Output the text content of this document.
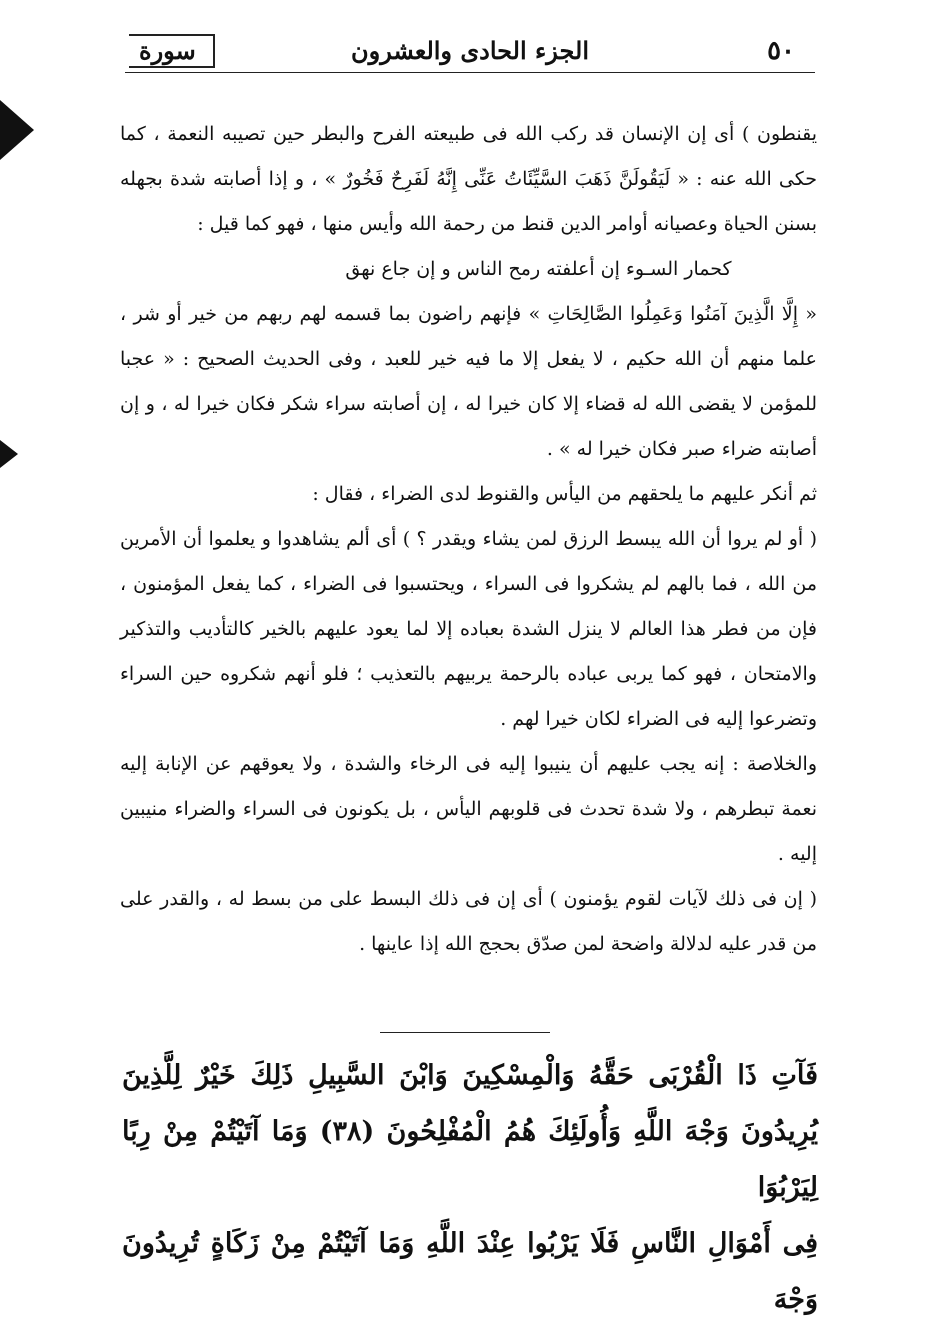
٥٠
الجزء الحادى والعشرون
سورة

يقنطون ) أى إن الإنسان قد ركب الله فى طبيعته الفرح والبطر حين تصيبه النعمة ، كما حكى الله عنه : « لَيَقُولَنَّ ذَهَبَ السَّيِّئَاتُ عَنِّى إِنَّهُ لَفَرِحٌ فَخُورٌ » ، و إذا أصابته شدة بجهله بسنن الحياة وعصيانه أوامر الدين قنط من رحمة الله وأيس منها ، فهو كما قيل :

كحمار السـوء إن أعلفته رمح الناس و إن جاع نهق

« إِلَّا الَّذِينَ آمَنُوا وَعَمِلُوا الصَّالِحَاتِ » فإنهم راضون بما قسمه لهم ربهم من خير أو شر ، علما منهم أن الله حكيم ، لا يفعل إلا ما فيه خير للعبد ، وفى الحديث الصحيح : « عجبا للمؤمن لا يقضى الله له قضاء إلا كان خيرا له ، إن أصابته سراء شكر فكان خيرا له ، و إن أصابته ضراء صبر فكان خيرا له » .

ثم أنكر عليهم ما يلحقهم من اليأس والقنوط لدى الضراء ، فقال :

( أو لم يروا أن الله يبسط الرزق لمن يشاء ويقدر ؟ ) أى ألم يشاهدوا و يعلموا أن الأمرين من الله ، فما بالهم لم يشكروا فى السراء ، ويحتسبوا فى الضراء ، كما يفعل المؤمنون ، فإن من فطر هذا العالم لا ينزل الشدة بعباده إلا لما يعود عليهم بالخير كالتأديب والتذكير والامتحان ، فهو كما يربى عباده بالرحمة يربيهم بالتعذيب ؛ فلو أنهم شكروه حين السراء وتضرعوا إليه فى الضراء لكان خيرا لهم .

والخلاصة : إنه يجب عليهم أن ينيبوا إليه فى الرخاء والشدة ، ولا يعوقهم عن الإنابة إليه نعمة تبطرهم ، ولا شدة تحدث فى قلوبهم اليأس ، بل يكونون فى السراء والضراء منيبين إليه .

( إن فى ذلك لآيات لقوم يؤمنون ) أى إن فى ذلك البسط على من بسط له ، والقدر على من قدر عليه لدلالة واضحة لمن صدّق بحجج الله إذا عاينها .

فَآتِ ذَا الْقُرْبَى حَقَّهُ وَالْمِسْكِينَ وَابْنَ السَّبِيلِ ذَلِكَ خَيْرٌ لِلَّذِينَ

يُرِيدُونَ وَجْهَ اللَّهِ وَأُولَئِكَ هُمُ الْمُفْلِحُونَ (٣٨) وَمَا آتَيْتُمْ مِنْ رِبًا لِيَرْبُوَا

فِى أَمْوَالِ النَّاسِ فَلَا يَرْبُوا عِنْدَ اللَّهِ وَمَا آتَيْتُمْ مِنْ زَكَاةٍ تُرِيدُونَ وَجْهَ
